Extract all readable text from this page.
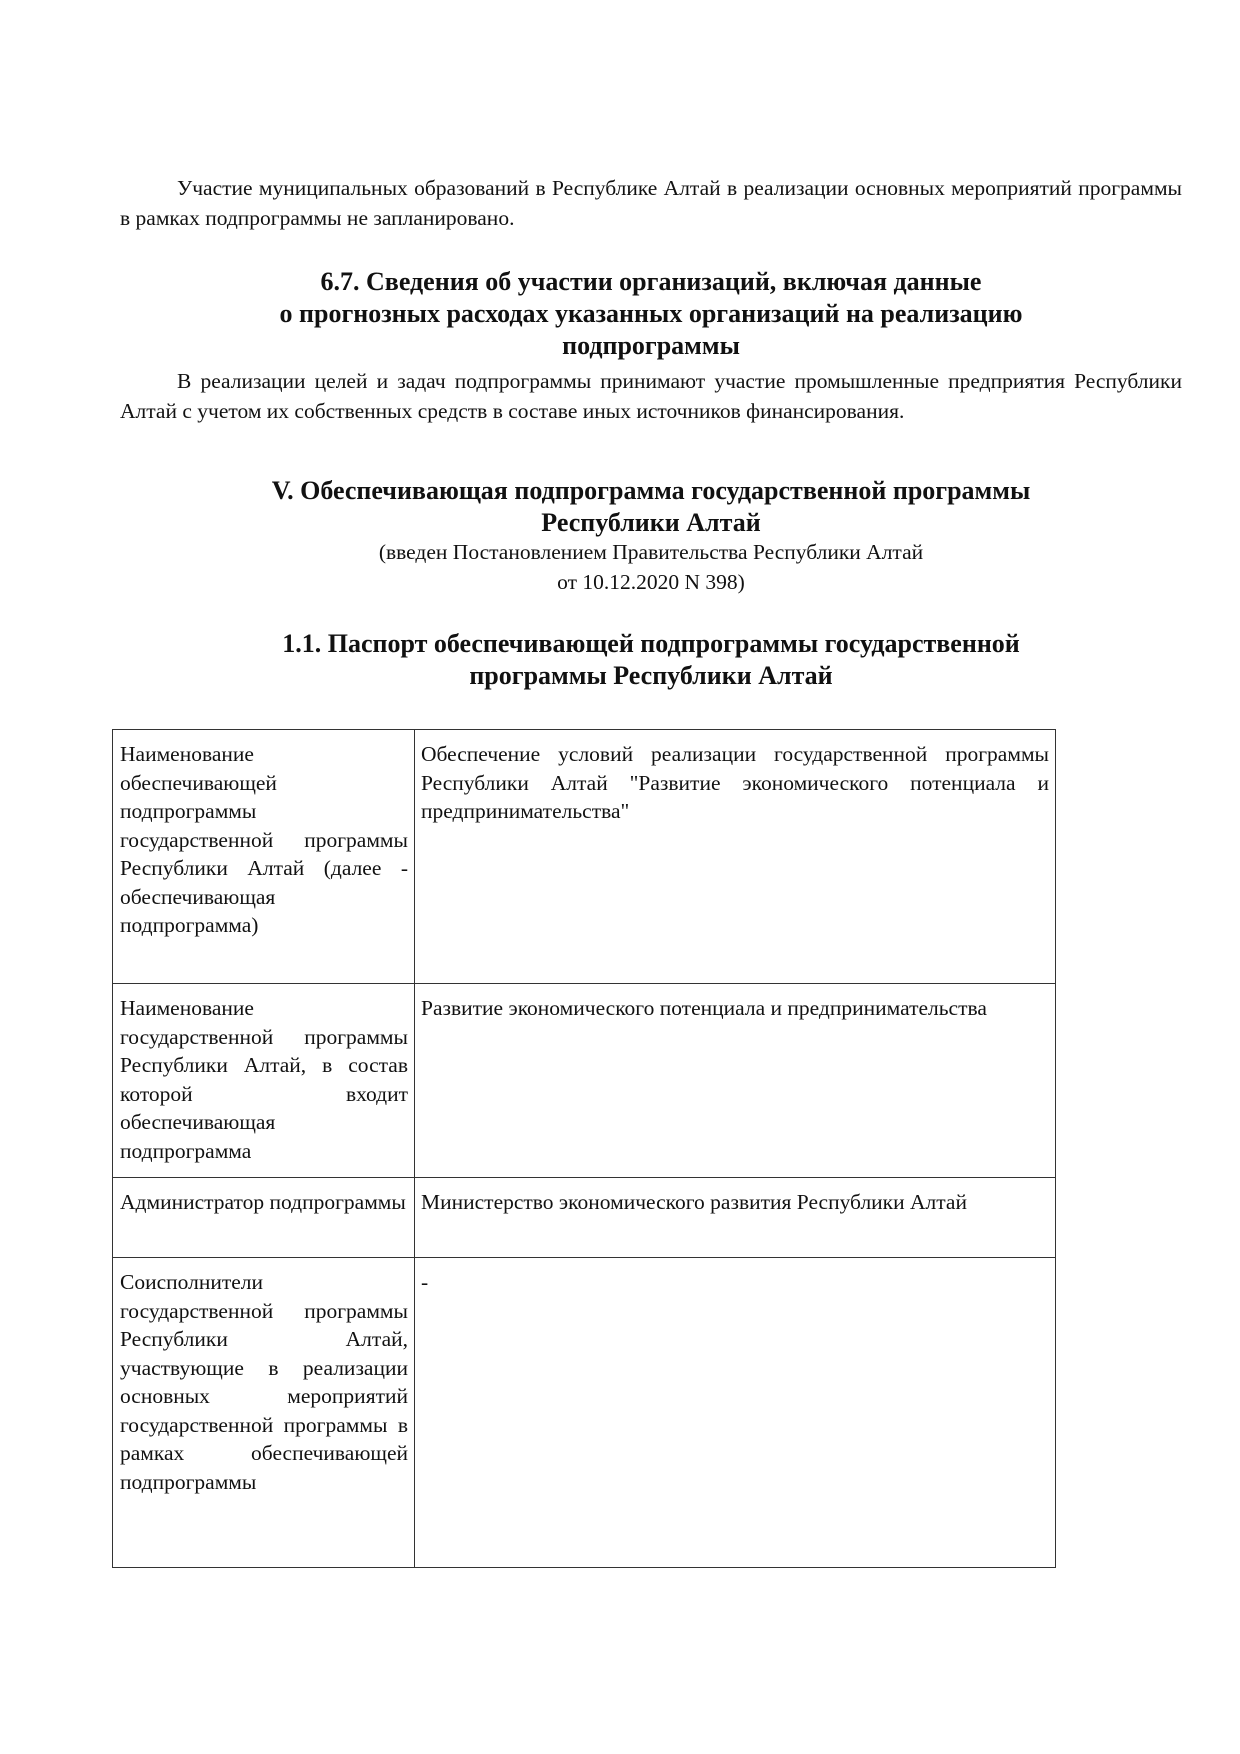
Участие муниципальных образований в Республике Алтай в реализации основных мероприятий программы в рамках подпрограммы не запланировано.

6.7. Сведения об участии организаций, включая данные
о прогнозных расходах указанных организаций на реализацию
подпрограммы

В реализации целей и задач подпрограммы принимают участие промышленные предприятия Республики Алтай с учетом их собственных средств в составе иных источников финансирования.

V. Обеспечивающая подпрограмма государственной программы
Республики Алтай
(введен Постановлением Правительства Республики Алтай
от 10.12.2020 N 398)
1.1. Паспорт обеспечивающей подпрограммы государственной
программы Республики Алтай
Наименование обеспечивающей подпрограммы государственной программы Республики Алтай (далее - обеспечивающая подпрограмма)	Обеспечение условий реализации государственной программы Республики Алтай "Развитие экономического потенциала и предпринимательства"

Наименование государственной программы Республики Алтай, в состав которой входит обеспечивающая подпрограмма	Развитие экономического потенциала и предпринимательства

Администратор подпрограммы	Министерство экономического развития Республики Алтай

Соисполнители государственной программы Республики Алтай, участвующие в реализации основных мероприятий государственной программы в рамках обеспечивающей подпрограммы	-
